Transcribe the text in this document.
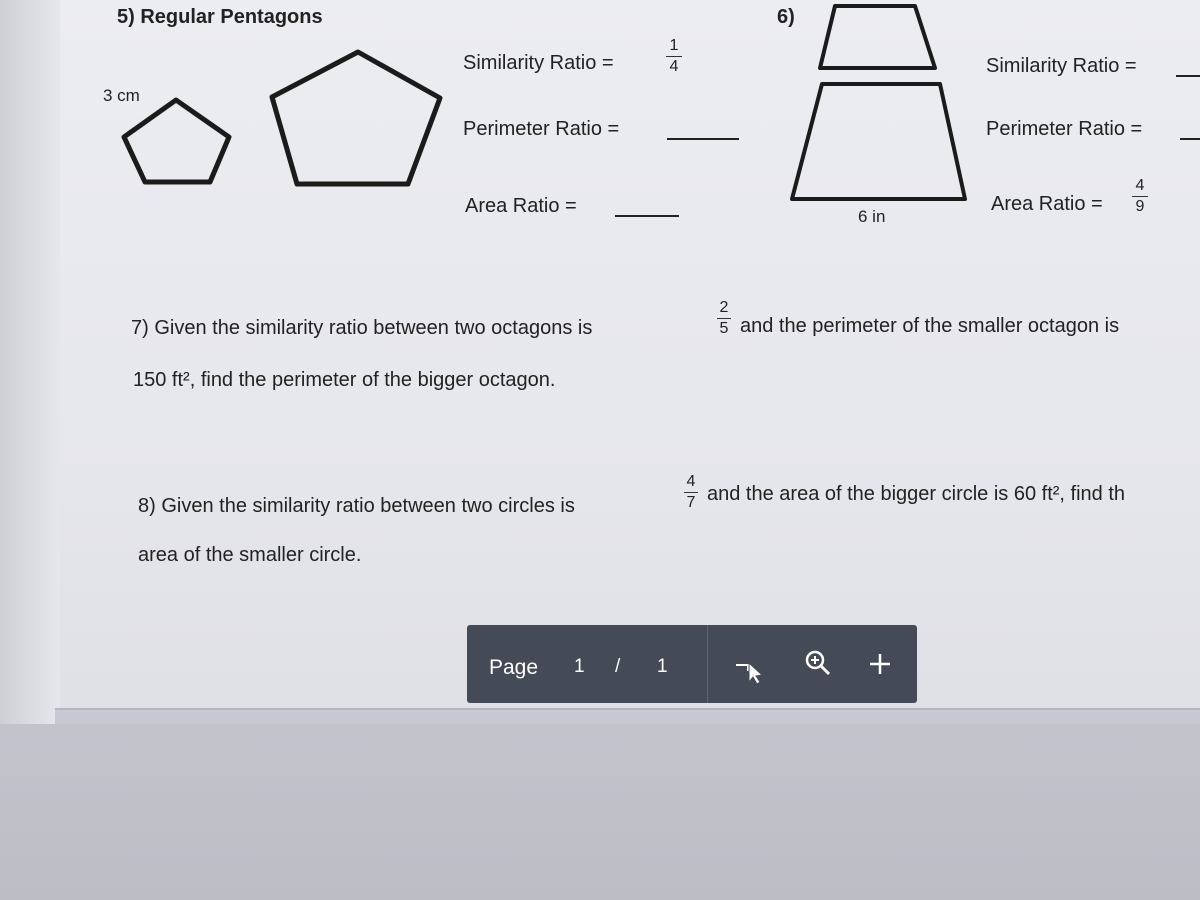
5) Regular Pentagons
3 cm
Similarity Ratio =
1
4
Perimeter Ratio =
Area Ratio =
6)
6 in
Similarity Ratio =
Perimeter Ratio =
Area Ratio =
4
9
7) Given the similarity ratio between two octagons is
2
5 and the perimeter of the smaller octagon is
150 ft², find the perimeter of the bigger octagon.
8) Given the similarity ratio between two circles is
4
7 and the area of the bigger circle is 60 ft², find th
area of the smaller circle.
Page 1 / 1
